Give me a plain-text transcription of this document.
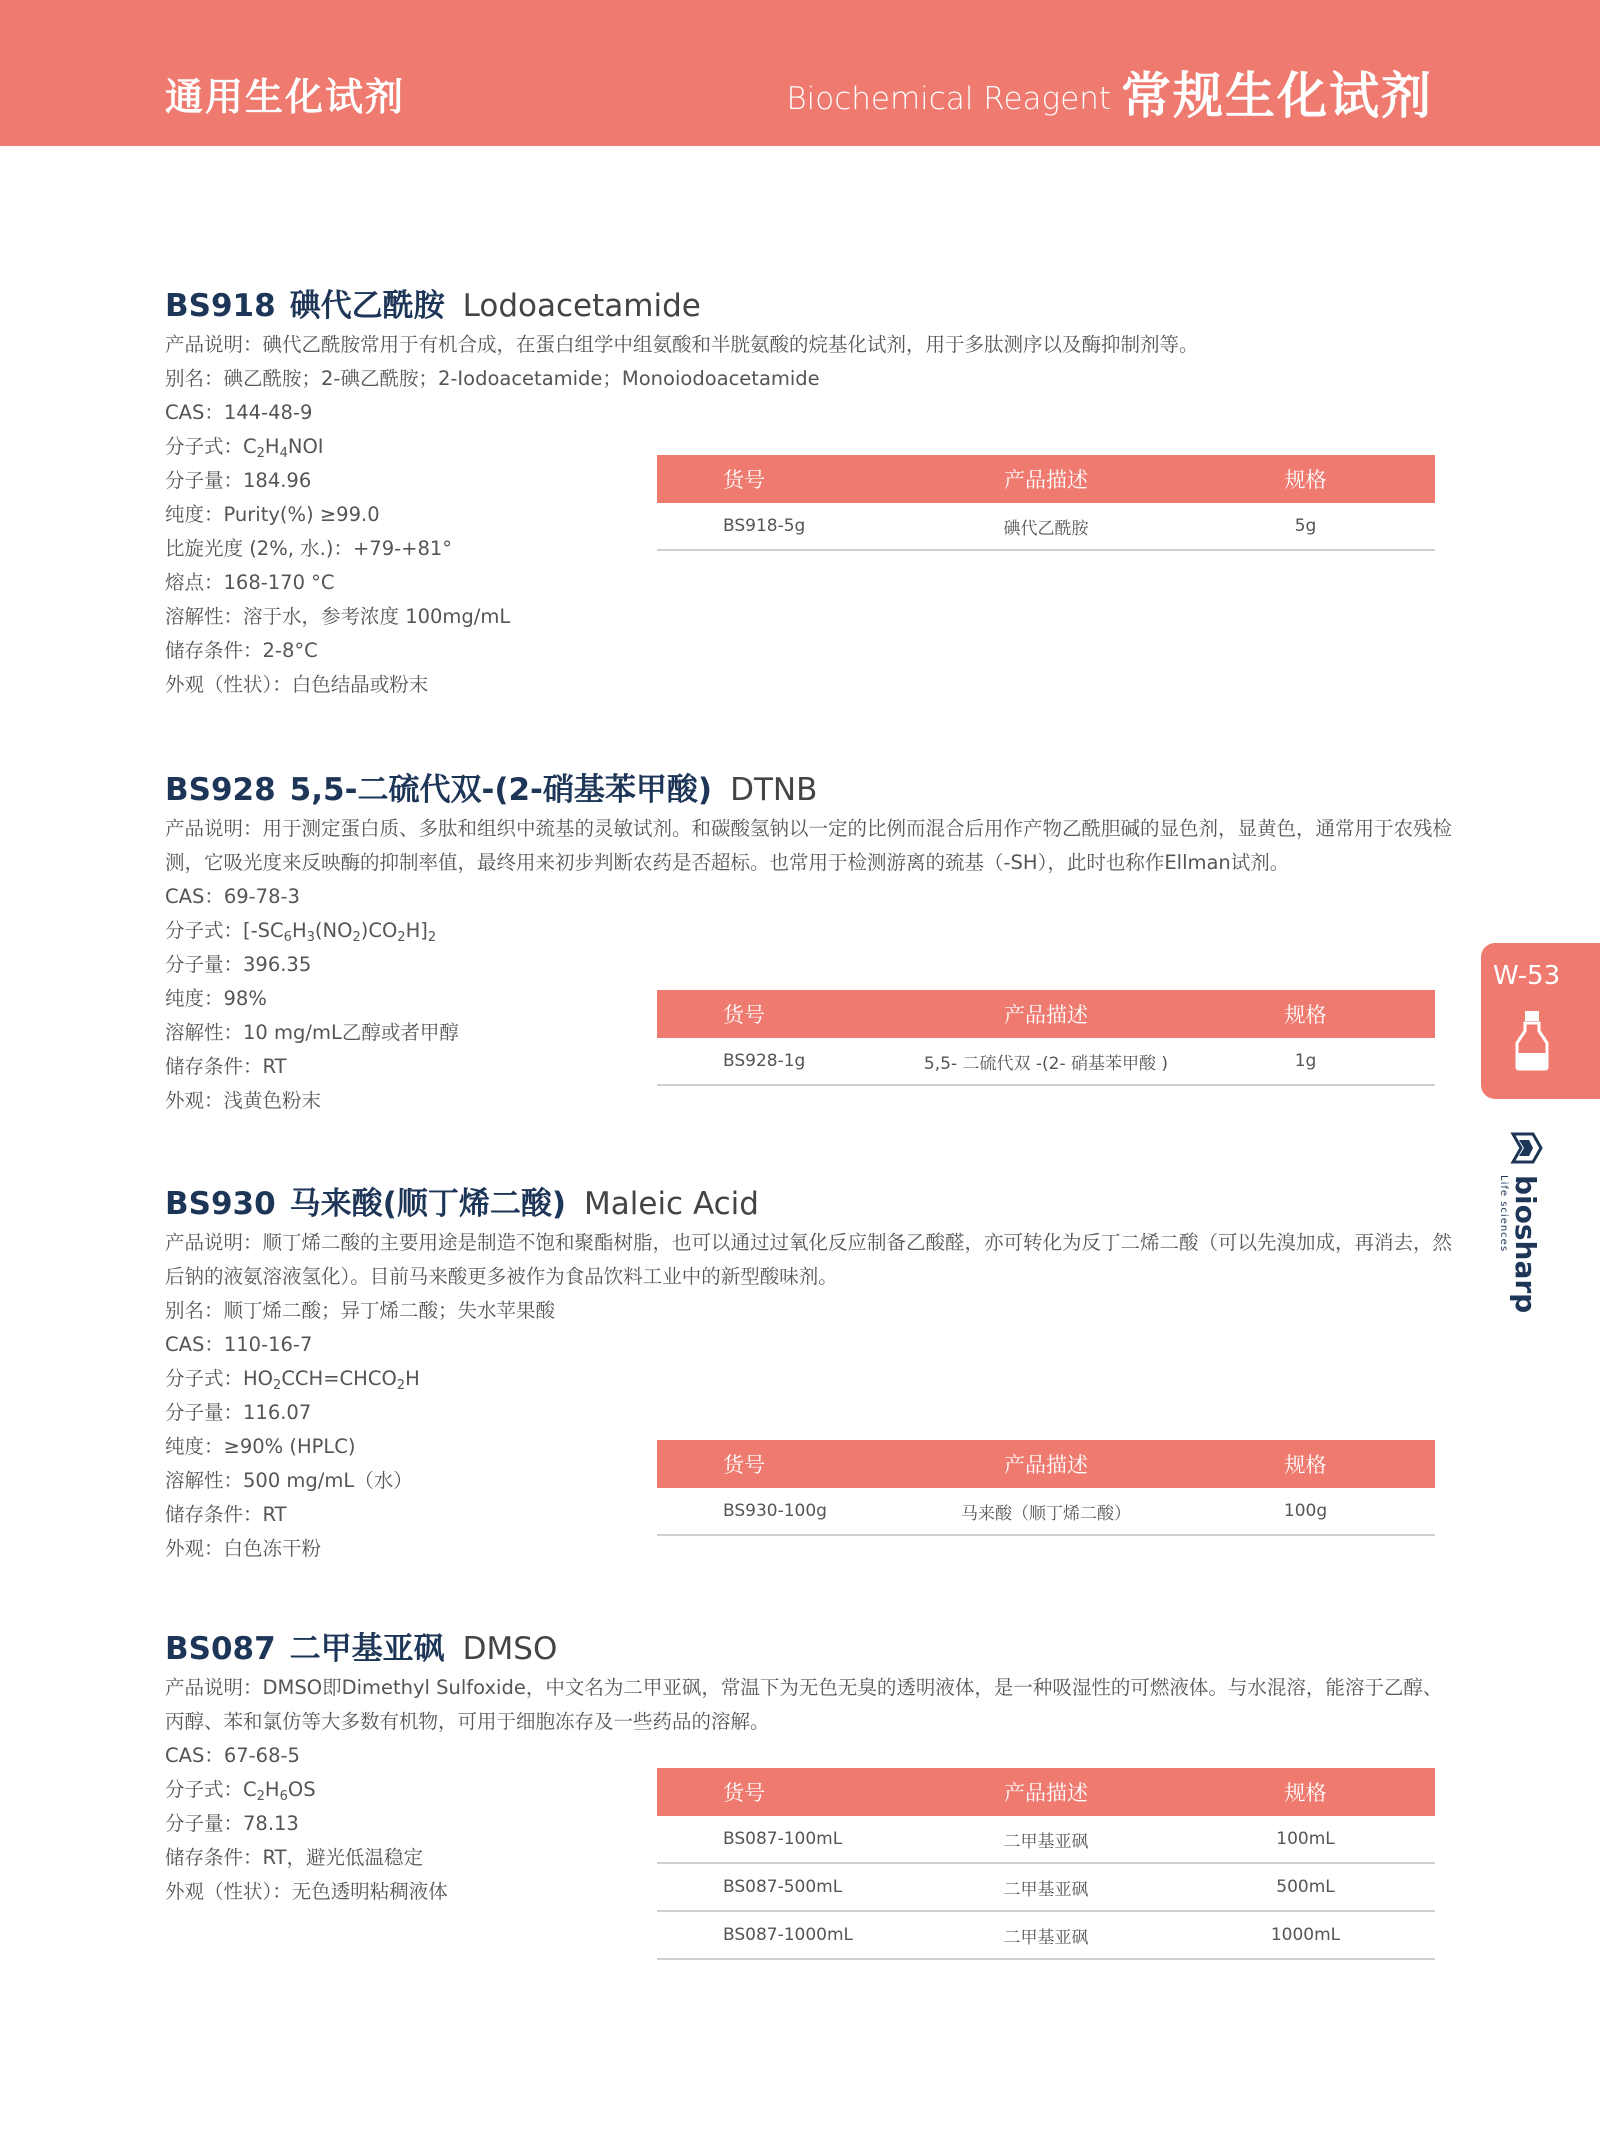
通用生化试剂	Biochemical Reagent 常规生化试剂
BS918 碘代乙酰胺 Lodoacetamide
产品说明：碘代乙酰胺常用于有机合成，在蛋白组学中组氨酸和半胱氨酸的烷基化试剂，用于多肽测序以及酶抑制剂等。
别名：碘乙酰胺；2-碘乙酰胺；2-Iodoacetamide；Monoiodoacetamide
CAS：144-48-9
分子式：$C_2H_4NOI$
分子量：184.96
纯度：Purity(%) ≥99.0
比旋光度 (2%, 水.)：+79-+81°
熔点：168-170 °C
溶解性：溶于水，参考浓度 100mg/mL
储存条件：2-8°C
外观（性状）：白色结晶或粉末
货号	产品描述	规格
BS918-5g	碘代乙酰胺	5g
BS928 5,5-二硫代双-(2-硝基苯甲酸) DTNB
产品说明：用于测定蛋白质、多肽和组织中巯基的灵敏试剂。和碳酸氢钠以一定的比例而混合后用作产物乙酰胆碱的显色剂，显黄色，通常用于农残检测，它吸光度来反映酶的抑制率值，最终用来初步判断农药是否超标。也常用于检测游离的巯基（-SH），此时也称作Ellman试剂。
CAS：69-78-3
分子式：$[-SC_6H_3(NO_2)CO_2H]_2$
分子量：396.35
纯度：98%
溶解性：10 mg/mL乙醇或者甲醇
储存条件：RT
外观：浅黄色粉末
货号	产品描述	规格
BS928-1g	5,5- 二硫代双 -(2- 硝基苯甲酸 )	1g
BS930 马来酸(顺丁烯二酸) Maleic Acid
产品说明：顺丁烯二酸的主要用途是制造不饱和聚酯树脂，也可以通过过氧化反应制备乙酸醛，亦可转化为反丁二烯二酸（可以先溴加成，再消去，然后钠的液氨溶液氢化）。目前马来酸更多被作为食品饮料工业中的新型酸味剂。
别名：顺丁烯二酸；异丁烯二酸；失水苹果酸
CAS：110-16-7
分子式：$HO_2CCH=CHCO_2H$
分子量：116.07
纯度：≥90% (HPLC)
溶解性：500 mg/mL（水）
储存条件：RT
外观：白色冻干粉
货号	产品描述	规格
BS930-100g	马来酸（顺丁烯二酸）	100g
BS087 二甲基亚砜 DMSO
产品说明：DMSO即Dimethyl Sulfoxide，中文名为二甲亚砜，常温下为无色无臭的透明液体，是一种吸湿性的可燃液体。与水混溶，能溶于乙醇、丙醇、苯和氯仿等大多数有机物，可用于细胞冻存及一些药品的溶解。
CAS：67-68-5
分子式：$C_2H_6OS$
分子量：78.13
储存条件：RT，避光低温稳定
外观（性状）：无色透明粘稠液体
货号	产品描述	规格
BS087-100mL	二甲基亚砜	100mL
BS087-500mL	二甲基亚砜	500mL
BS087-1000mL	二甲基亚砜	1000mL
W-53
biosharp
Life sciences
